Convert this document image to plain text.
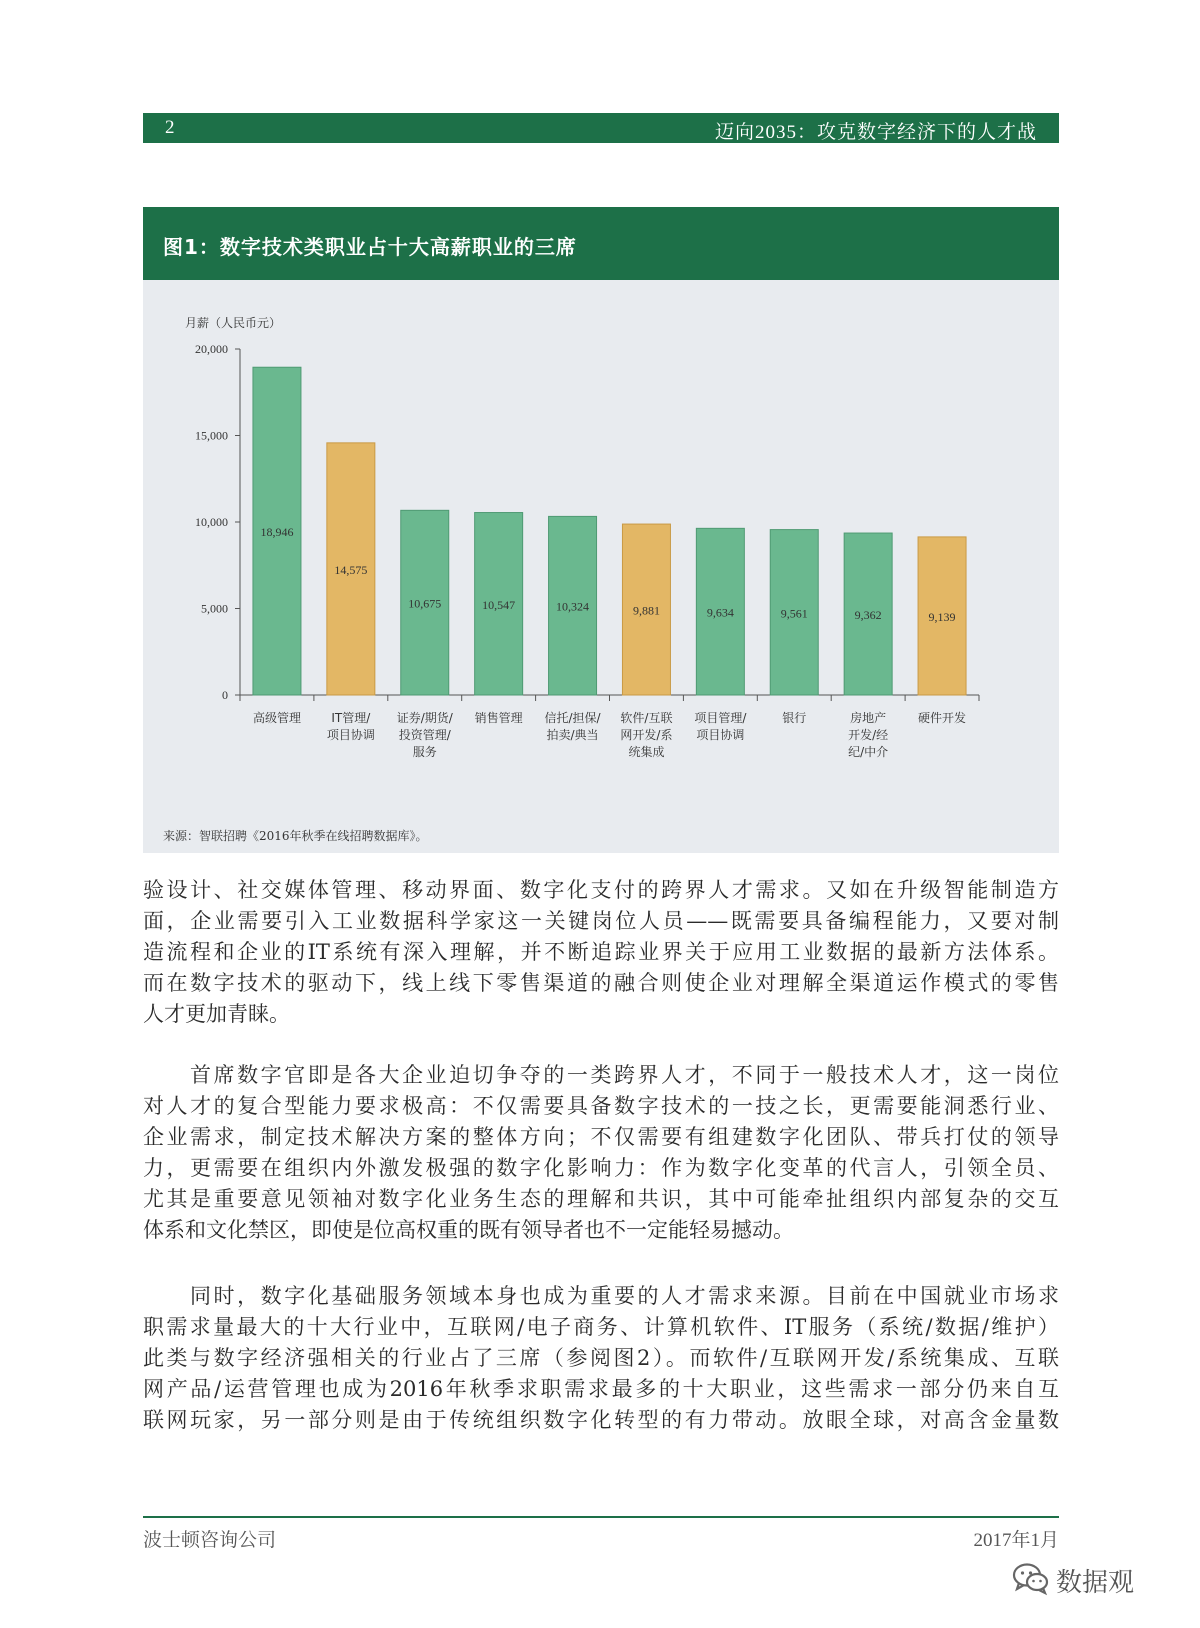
2	迈向2035：攻克数字经济下的人才战
图1：数字技术类职业占十大高薪职业的三席
月薪（人民币元）
0
5,000
10,000
15,000
20,000
18,946
高级管理
14,575
IT管理/
项目协调
10,675
证券/期货/
投资管理/
服务
10,547
销售管理
10,324
信托/担保/
拍卖/典当
9,881
软件/互联
网开发/系
统集成
9,634
项目管理/
项目协调
9,561
银行
9,362
房地产
开发/经
纪/中介
9,139
硬件开发
来源：智联招聘《2016年秋季在线招聘数据库》。
验设计、社交媒体管理、移动界面、数字化支付的跨界人才需求。又如在升级智能制造方
面，企业需要引入工业数据科学家这一关键岗位人员——既需要具备编程能力，又要对制
造流程和企业的IT系统有深入理解，并不断追踪业界关于应用工业数据的最新方法体系。
而在数字技术的驱动下，线上线下零售渠道的融合则使企业对理解全渠道运作模式的零售
人才更加青睐。
首席数字官即是各大企业迫切争夺的一类跨界人才，不同于一般技术人才，这一岗位
对人才的复合型能力要求极高：不仅需要具备数字技术的一技之长，更需要能洞悉行业、
企业需求，制定技术解决方案的整体方向；不仅需要有组建数字化团队、带兵打仗的领导
力，更需要在组织内外激发极强的数字化影响力：作为数字化变革的代言人，引领全员、
尤其是重要意见领袖对数字化业务生态的理解和共识，其中可能牵扯组织内部复杂的交互
体系和文化禁区，即使是位高权重的既有领导者也不一定能轻易撼动。
同时，数字化基础服务领域本身也成为重要的人才需求来源。目前在中国就业市场求
职需求量最大的十大行业中，互联网/电子商务、计算机软件、IT服务（系统/数据/维护）
此类与数字经济强相关的行业占了三席（参阅图2）。而软件/互联网开发/系统集成、互联
网产品/运营管理也成为2016年秋季求职需求最多的十大职业，这些需求一部分仍来自互
联网玩家，另一部分则是由于传统组织数字化转型的有力带动。放眼全球，对高含金量数
波士顿咨询公司	2017年1月
数据观
